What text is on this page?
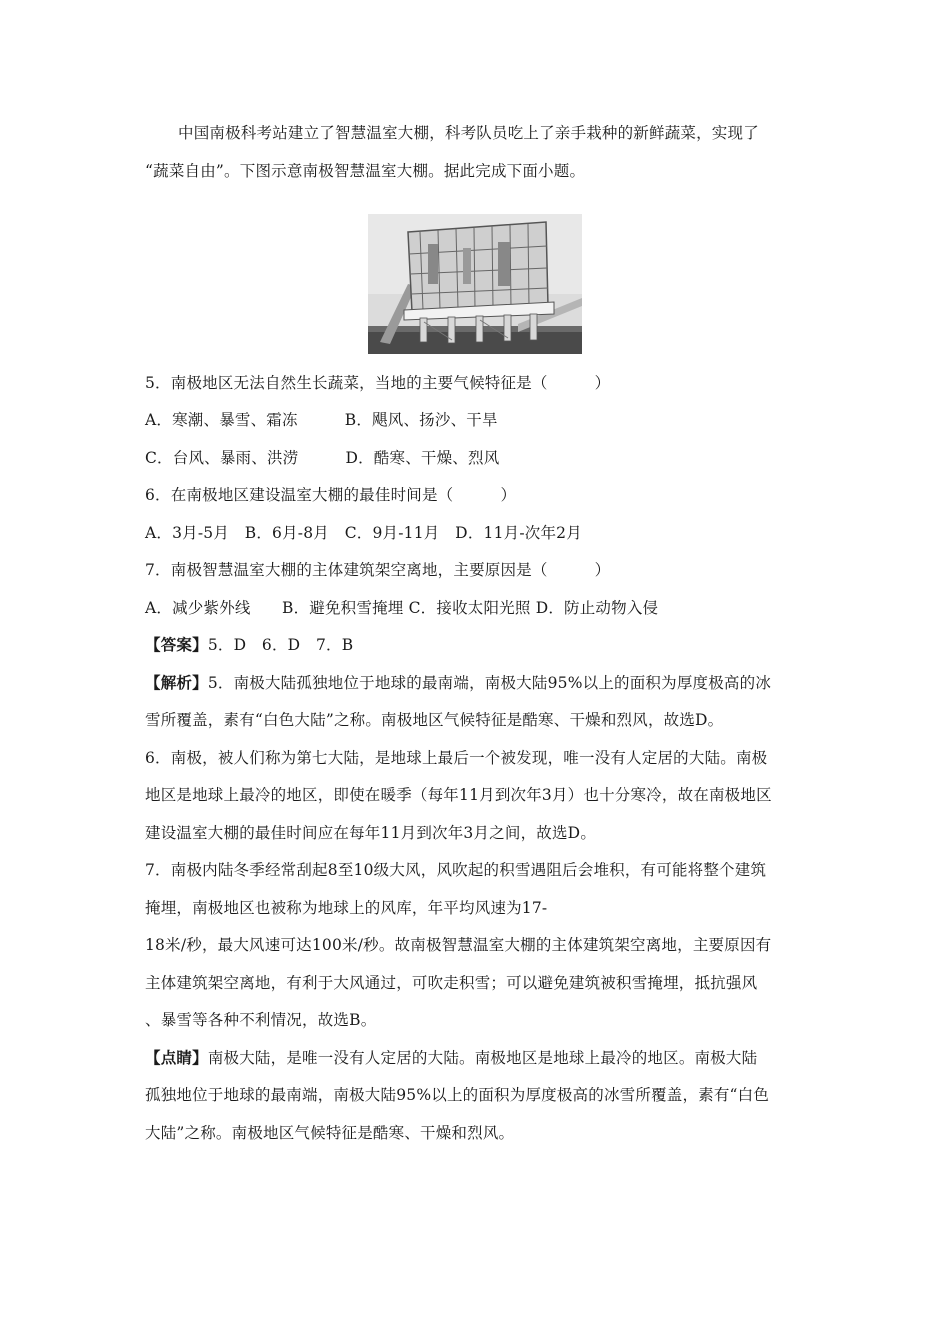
中国南极科考站建立了智慧温室大棚，科考队员吃上了亲手栽种的新鲜蔬菜，实现了
“蔬菜自由”。下图示意南极智慧温室大棚。据此完成下面小题。
5．南极地区无法自然生长蔬菜，当地的主要气候特征是（　　　）
A．寒潮、暴雪、霜冻　　　B．飓风、扬沙、干旱
C．台风、暴雨、洪涝　　　D．酷寒、干燥、烈风
6．在南极地区建设温室大棚的最佳时间是（　　　）
A．3月-5月　B．6月-8月　C．9月-11月　D．11月-次年2月
7．南极智慧温室大棚的主体建筑架空离地，主要原因是（　　　）
A．减少紫外线　　B．避免积雪掩埋 C．接收太阳光照 D．防止动物入侵
【答案】5．D　6．D　7．B
【解析】5．南极大陆孤独地位于地球的最南端，南极大陆95%以上的面积为厚度极高的冰
雪所覆盖，素有“白色大陆”之称。南极地区气候特征是酷寒、干燥和烈风，故选D。
6．南极，被人们称为第七大陆，是地球上最后一个被发现，唯一没有人定居的大陆。南极
地区是地球上最冷的地区，即使在暖季（每年11月到次年3月）也十分寒冷，故在南极地区
建设温室大棚的最佳时间应在每年11月到次年3月之间，故选D。
7．南极内陆冬季经常刮起8至10级大风，风吹起的积雪遇阻后会堆积，有可能将整个建筑
掩埋，南极地区也被称为地球上的风库，年平均风速为17-
18米/秒，最大风速可达100米/秒。故南极智慧温室大棚的主体建筑架空离地，主要原因有
主体建筑架空离地，有利于大风通过，可吹走积雪；可以避免建筑被积雪掩埋，抵抗强风
、暴雪等各种不利情况，故选B。
【点睛】南极大陆，是唯一没有人定居的大陆。南极地区是地球上最冷的地区。南极大陆
孤独地位于地球的最南端，南极大陆95%以上的面积为厚度极高的冰雪所覆盖，素有“白色
大陆”之称。南极地区气候特征是酷寒、干燥和烈风。
